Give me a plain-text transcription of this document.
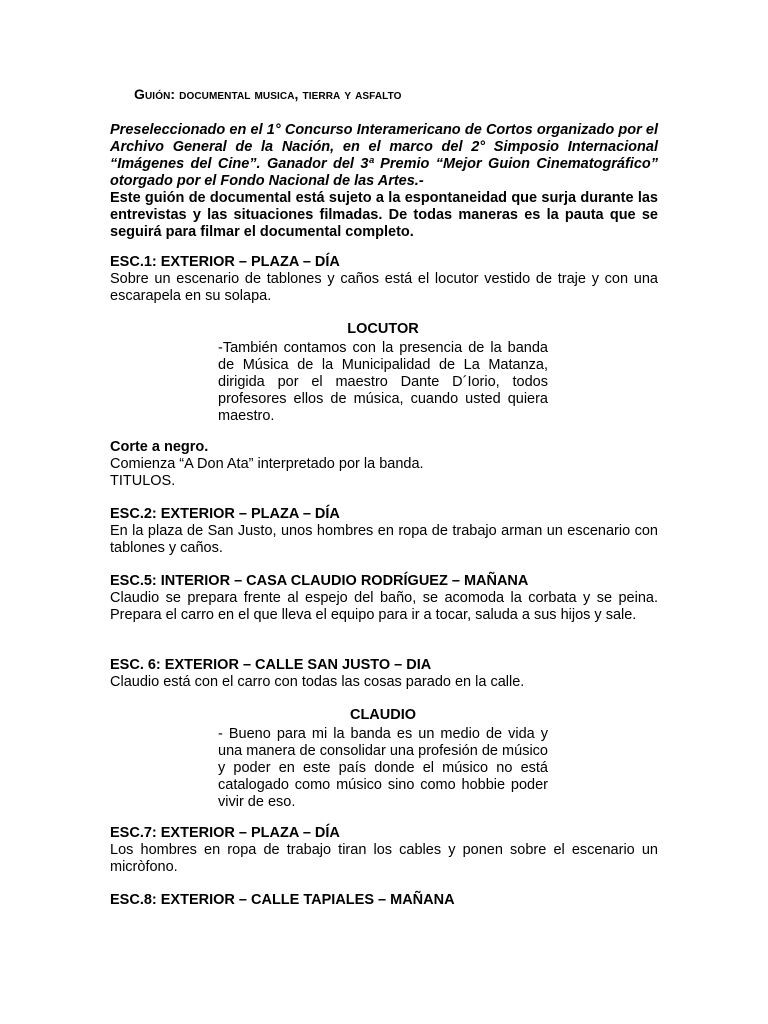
Guión: documental musica, tierra y asfalto

Preseleccionado en el 1° Concurso Interamericano de Cortos organizado por el Archivo General de la Nación, en el marco del 2° Simposio Internacional “Imágenes del Cine”. Ganador del 3ª Premio “Mejor Guion Cinematográfico” otorgado por el Fondo Nacional de las Artes.-

Este guión de documental está sujeto a la espontaneidad que surja durante las entrevistas y las situaciones filmadas. De todas maneras es la pauta que se seguirá para filmar el documental completo.

ESC.1: EXTERIOR – PLAZA – DÍA

Sobre un escenario de tablones y caños está el locutor vestido de traje y con una escarapela en su solapa.

LOCUTOR

-También contamos con la presencia de la banda de Música de la Municipalidad de La Matanza, dirigida por el maestro Dante D´Iorio, todos profesores ellos de música, cuando usted quiera maestro.

Corte a negro.

Comienza “A Don Ata” interpretado por la banda.

TITULOS.

ESC.2: EXTERIOR – PLAZA – DÍA

En la plaza de San Justo, unos hombres en ropa de trabajo arman un escenario con tablones y caños.

ESC.5: INTERIOR – CASA CLAUDIO RODRÍGUEZ – MAÑANA

Claudio se prepara frente al espejo del baño, se acomoda la corbata y se peina. Prepara el carro en el que lleva el equipo para ir a tocar, saluda a sus hijos y sale.

ESC. 6: EXTERIOR – CALLE SAN JUSTO – DIA

Claudio está con el carro con todas las cosas parado en la calle.

CLAUDIO

- Bueno para mi la banda es un medio de vida y una manera de consolidar una profesión de músico y poder en este país donde el músico no está catalogado como músico sino como hobbie poder vivir de eso.

ESC.7: EXTERIOR – PLAZA – DÍA

Los hombres en ropa de trabajo tiran los cables y ponen sobre el escenario un micròfono.

ESC.8: EXTERIOR – CALLE TAPIALES – MAÑANA
